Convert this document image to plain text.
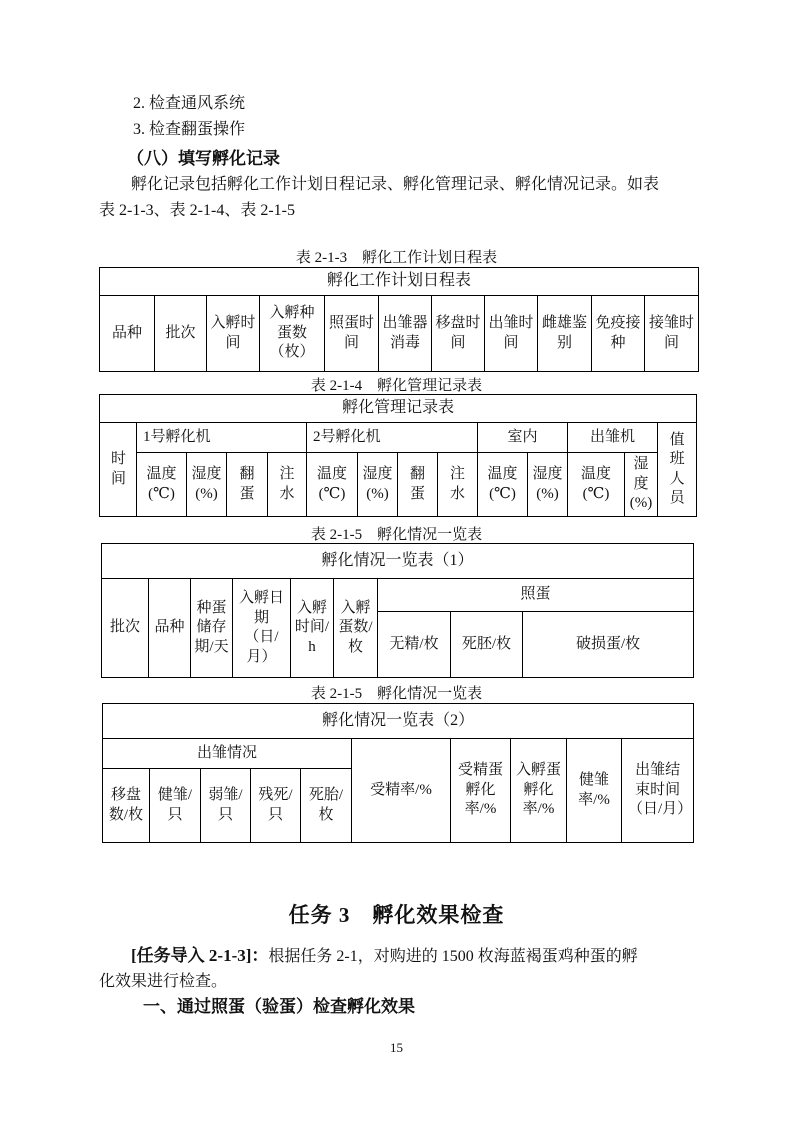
2. 检查通风系统
3. 检查翻蛋操作
（八）填写孵化记录
孵化记录包括孵化工作计划日程记录、孵化管理记录、孵化情况记录。如表
表 2-1-3、表 2-1-4、表 2-1-5
表 2-1-3　孵化工作计划日程表
孵化工作计划日程表
品种	批次	入孵时间	入孵种蛋数（枚）	照蛋时间	出雏器消毒	移盘时间	出雏时间	雌雄鉴别	免疫接种	接雏时间
表 2-1-4　孵化管理记录表
孵化管理记录表													
时间	1号孵化机				2号孵化机				室内		出雏机		值班人员
	温度(℃)	湿度(%)	翻蛋	注水	温度(℃)	湿度(%)	翻蛋	注水	温度(℃)	湿度(%)	温度(℃)	湿度(%)	
表 2-1-5　孵化情况一览表
孵化情况一览表（1）								
批次	品种	种蛋储存期/天	入孵日期（日/月）	入孵时间/h	入孵蛋数/枚	照蛋		
						无精/枚	死胚/枚	破损蛋/枚
表 2-1-5　孵化情况一览表
孵化情况一览表（2）									
出雏情况					受精率/%	受精蛋孵化率/%	入孵蛋孵化率/%	健雏率/%	出雏结束时间（日/月）
移盘数/枚	健雏/只	弱雏/只	残死/只	死胎/枚					
任务 3　孵化效果检查
[任务导入 2-1-3]：根据任务 2-1，对购进的 1500 枚海蓝褐蛋鸡种蛋的孵
化效果进行检查。
一、通过照蛋（验蛋）检查孵化效果
15
